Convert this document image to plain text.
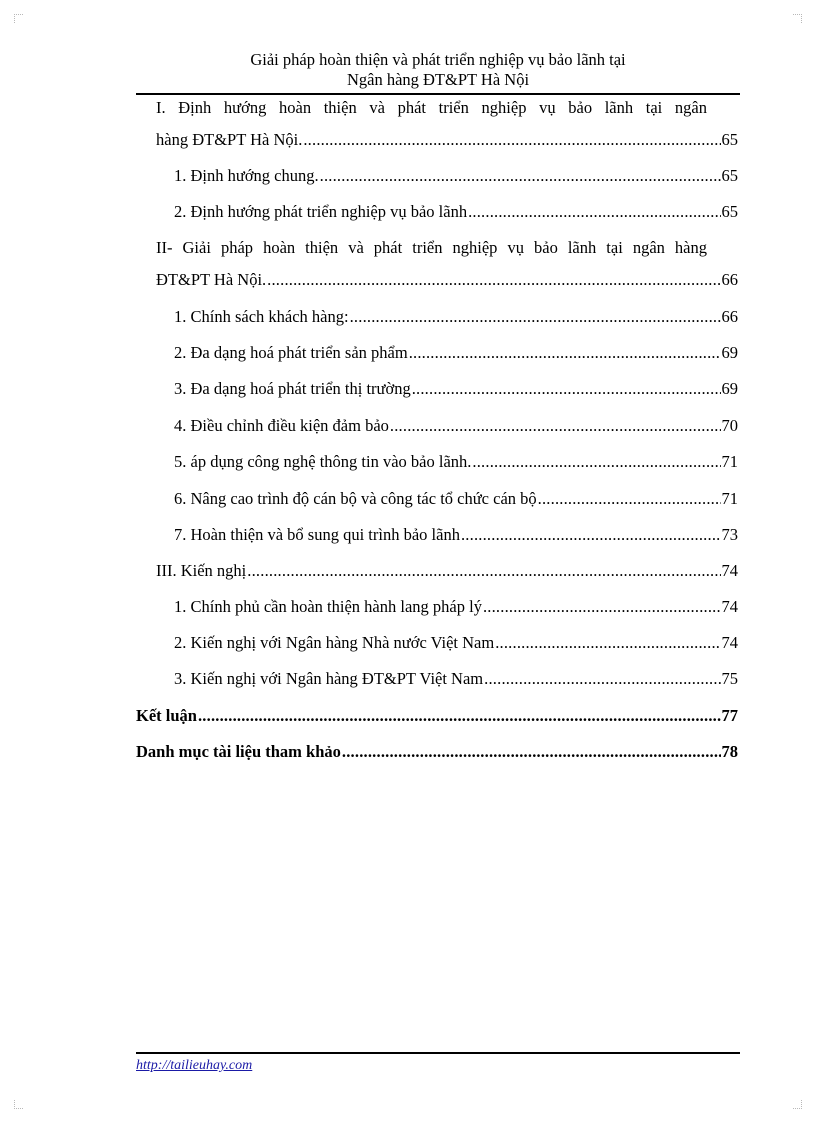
Giải pháp hoàn thiện và phát triển nghiệp vụ bảo lãnh tại
Ngân hàng ĐT&PT Hà Nội
I. Định hướng hoàn thiện và phát triển nghiệp vụ bảo lãnh tại ngân
hàng ĐT&PT Hà Nội. .....	65
1. Định hướng chung. .....	65
2. Định hướng phát triển nghiệp vụ bảo lãnh .....	65
II- Giải pháp hoàn thiện và phát triển nghiệp vụ bảo lãnh tại ngân hàng
ĐT&PT Hà Nội. .....	66
1. Chính sách khách hàng: .....	66
2. Đa dạng hoá phát triển sản phẩm .....	69
3. Đa dạng hoá phát triển thị trường .....	69
4. Điều chỉnh điều kiện đảm bảo .....	70
5. áp dụng công nghệ thông tin vào bảo lãnh. .....	71
6. Nâng cao trình độ cán bộ và công tác tổ chức cán bộ .....	71
7. Hoàn thiện và bổ sung qui trình bảo lãnh .....	73
III. Kiến nghị .....	74
1. Chính phủ cần hoàn thiện hành lang pháp lý .....	74
2. Kiến nghị với Ngân hàng Nhà nước Việt Nam .....	74
3. Kiến nghị với Ngân hàng ĐT&PT Việt Nam .....	75
Kết luận .....	77
Danh mục tài liệu tham khảo .....	78
http://tailieuhay.com
